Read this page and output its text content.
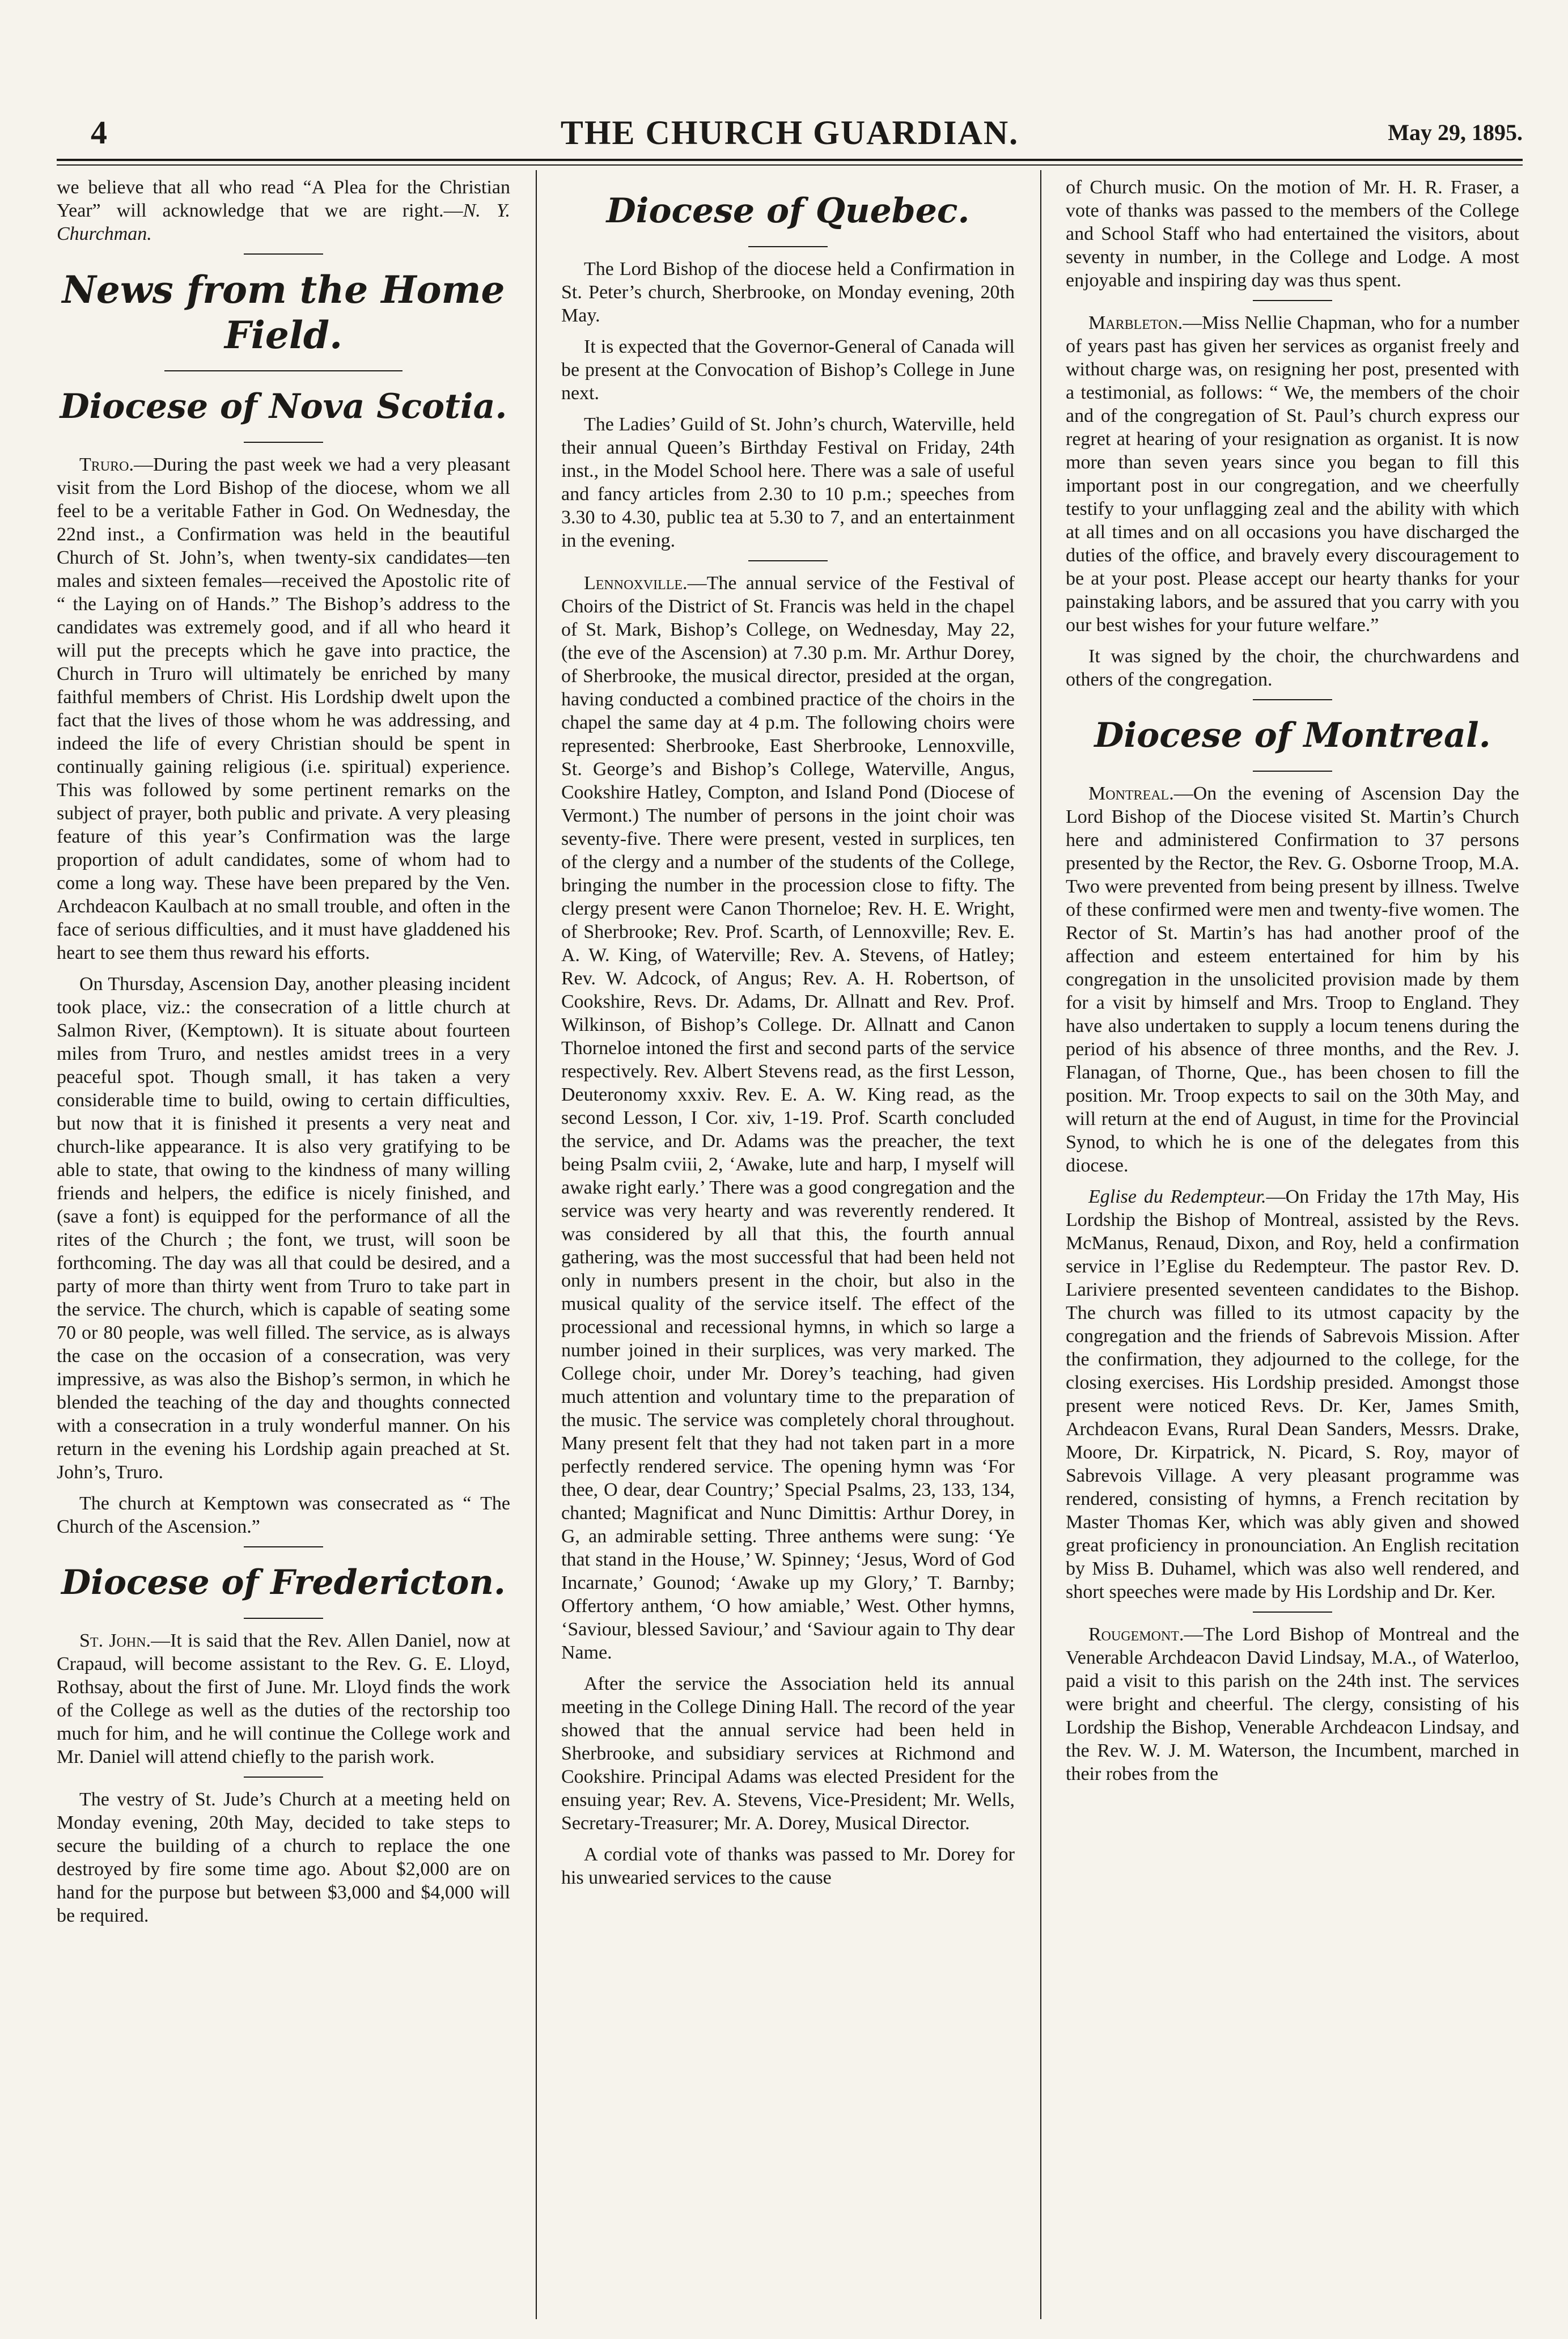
4	THE CHURCH GUARDIAN.	May 29, 1895.

we believe that all who read “A Plea for the Christian Year” will acknowledge that we are right.—N. Y. Churchman.

News from the Home Field.
Diocese of Nova Scotia.

Truro.—During the past week we had a very pleasant visit from the Lord Bishop of the diocese, whom we all feel to be a veritable Father in God. On Wednesday, the 22nd inst., a Confirmation was held in the beautiful Church of St. John’s, when twenty-six candidates—ten males and sixteen females—received the Apostolic rite of “ the Laying on of Hands.” The Bishop’s address to the candidates was extremely good, and if all who heard it will put the precepts which he gave into practice, the Church in Truro will ultimately be enriched by many faithful members of Christ. His Lordship dwelt upon the fact that the lives of those whom he was addressing, and indeed the life of every Christian should be spent in continually gaining religious (i.e. spiritual) experience. This was followed by some pertinent remarks on the subject of prayer, both public and private. A very pleasing feature of this year’s Confirmation was the large proportion of adult candidates, some of whom had to come a long way. These have been prepared by the Ven. Archdeacon Kaulbach at no small trouble, and often in the face of serious difficulties, and it must have gladdened his heart to see them thus reward his efforts.

On Thursday, Ascension Day, another pleasing incident took place, viz.: the consecration of a little church at Salmon River, (Kemptown). It is situate about fourteen miles from Truro, and nestles amidst trees in a very peaceful spot. Though small, it has taken a very considerable time to build, owing to certain difficulties, but now that it is finished it presents a very neat and church-like appearance. It is also very gratifying to be able to state, that owing to the kindness of many willing friends and helpers, the edifice is nicely finished, and (save a font) is equipped for the performance of all the rites of the Church ; the font, we trust, will soon be forthcoming. The day was all that could be desired, and a party of more than thirty went from Truro to take part in the service. The church, which is capable of seating some 70 or 80 people, was well filled. The service, as is always the case on the occasion of a consecration, was very impressive, as was also the Bishop’s sermon, in which he blended the teaching of the day and thoughts connected with a consecration in a truly wonderful manner. On his return in the evening his Lordship again preached at St. John’s, Truro.

The church at Kemptown was consecrated as “ The Church of the Ascension.”

Diocese of Fredericton.

St. John.—It is said that the Rev. Allen Daniel, now at Crapaud, will become assistant to the Rev. G. E. Lloyd, Rothsay, about the first of June. Mr. Lloyd finds the work of the College as well as the duties of the rectorship too much for him, and he will continue the College work and Mr. Daniel will attend chiefly to the parish work.

The vestry of St. Jude’s Church at a meeting held on Monday evening, 20th May, decided to take steps to secure the building of a church to replace the one destroyed by fire some time ago. About $2,000 are on hand for the purpose but between $3,000 and $4,000 will be required.

Diocese of Quebec.

The Lord Bishop of the diocese held a Confirmation in St. Peter’s church, Sherbrooke, on Monday evening, 20th May.

It is expected that the Governor-General of Canada will be present at the Convocation of Bishop’s College in June next.

The Ladies’ Guild of St. John’s church, Waterville, held their annual Queen’s Birthday Festival on Friday, 24th inst., in the Model School here. There was a sale of useful and fancy articles from 2.30 to 10 p.m.; speeches from 3.30 to 4.30, public tea at 5.30 to 7, and an entertainment in the evening.

Lennoxville.—The annual service of the Festival of Choirs of the District of St. Francis was held in the chapel of St. Mark, Bishop’s College, on Wednesday, May 22, (the eve of the Ascension) at 7.30 p.m. Mr. Arthur Dorey, of Sherbrooke, the musical director, presided at the organ, having conducted a combined practice of the choirs in the chapel the same day at 4 p.m. The following choirs were represented: Sherbrooke, East Sherbrooke, Lennoxville, St. George’s and Bishop’s College, Waterville, Angus, Cookshire Hatley, Compton, and Island Pond (Diocese of Vermont.) The number of persons in the joint choir was seventy-five. There were present, vested in surplices, ten of the clergy and a number of the students of the College, bringing the number in the procession close to fifty. The clergy present were Canon Thorneloe; Rev. H. E. Wright, of Sherbrooke; Rev. Prof. Scarth, of Lennoxville; Rev. E. A. W. King, of Waterville; Rev. A. Stevens, of Hatley; Rev. W. Adcock, of Angus; Rev. A. H. Robertson, of Cookshire, Revs. Dr. Adams, Dr. Allnatt and Rev. Prof. Wilkinson, of Bishop’s College. Dr. Allnatt and Canon Thorneloe intoned the first and second parts of the service respectively. Rev. Albert Stevens read, as the first Lesson, Deuteronomy xxxiv. Rev. E. A. W. King read, as the second Lesson, I Cor. xiv, 1-19. Prof. Scarth concluded the service, and Dr. Adams was the preacher, the text being Psalm cviii, 2, ‘Awake, lute and harp, I myself will awake right early.’ There was a good congregation and the service was very hearty and was reverently rendered. It was considered by all that this, the fourth annual gathering, was the most successful that had been held not only in numbers present in the choir, but also in the musical quality of the service itself. The effect of the processional and recessional hymns, in which so large a number joined in their surplices, was very marked. The College choir, under Mr. Dorey’s teaching, had given much attention and voluntary time to the preparation of the music. The service was completely choral throughout. Many present felt that they had not taken part in a more perfectly rendered service. The opening hymn was ‘For thee, O dear, dear Country;’ Special Psalms, 23, 133, 134, chanted; Magnificat and Nunc Dimittis: Arthur Dorey, in G, an admirable setting. Three anthems were sung: ‘Ye that stand in the House,’ W. Spinney; ‘Jesus, Word of God Incarnate,’ Gounod; ‘Awake up my Glory,’ T. Barnby; Offertory anthem, ‘O how amiable,’ West. Other hymns, ‘Saviour, blessed Saviour,’ and ‘Saviour again to Thy dear Name.

After the service the Association held its annual meeting in the College Dining Hall. The record of the year showed that the annual service had been held in Sherbrooke, and subsidiary services at Richmond and Cookshire. Principal Adams was elected President for the ensuing year; Rev. A. Stevens, Vice-President; Mr. Wells, Secretary-Treasurer; Mr. A. Dorey, Musical Director.

A cordial vote of thanks was passed to Mr. Dorey for his unwearied services to the cause

of Church music. On the motion of Mr. H. R. Fraser, a vote of thanks was passed to the members of the College and School Staff who had entertained the visitors, about seventy in number, in the College and Lodge. A most enjoyable and inspiring day was thus spent.

Marbleton.—Miss Nellie Chapman, who for a number of years past has given her services as organist freely and without charge was, on resigning her post, presented with a testimonial, as follows: “ We, the members of the choir and of the congregation of St. Paul’s church express our regret at hearing of your resignation as organist. It is now more than seven years since you began to fill this important post in our congregation, and we cheerfully testify to your unflagging zeal and the ability with which at all times and on all occasions you have discharged the duties of the office, and bravely every discouragement to be at your post. Please accept our hearty thanks for your painstaking labors, and be assured that you carry with you our best wishes for your future welfare.”

It was signed by the choir, the churchwardens and others of the congregation.

Diocese of Montreal.

Montreal.—On the evening of Ascension Day the Lord Bishop of the Diocese visited St. Martin’s Church here and administered Confirmation to 37 persons presented by the Rector, the Rev. G. Osborne Troop, M.A. Two were prevented from being present by illness. Twelve of these confirmed were men and twenty-five women. The Rector of St. Martin’s has had another proof of the affection and esteem entertained for him by his congregation in the unsolicited provision made by them for a visit by himself and Mrs. Troop to England. They have also undertaken to supply a locum tenens during the period of his absence of three months, and the Rev. J. Flanagan, of Thorne, Que., has been chosen to fill the position. Mr. Troop expects to sail on the 30th May, and will return at the end of August, in time for the Provincial Synod, to which he is one of the delegates from this diocese.

Eglise du Redempteur.—On Friday the 17th May, His Lordship the Bishop of Montreal, assisted by the Revs. McManus, Renaud, Dixon, and Roy, held a confirmation service in l’Eglise du Redempteur. The pastor Rev. D. Lariviere presented seventeen candidates to the Bishop. The church was filled to its utmost capacity by the congregation and the friends of Sabrevois Mission. After the confirmation, they adjourned to the college, for the closing exercises. His Lordship presided. Amongst those present were noticed Revs. Dr. Ker, James Smith, Archdeacon Evans, Rural Dean Sanders, Messrs. Drake, Moore, Dr. Kirpatrick, N. Picard, S. Roy, mayor of Sabrevois Village. A very pleasant programme was rendered, consisting of hymns, a French recitation by Master Thomas Ker, which was ably given and showed great proficiency in pronounciation. An English recitation by Miss B. Duhamel, which was also well rendered, and short speeches were made by His Lordship and Dr. Ker.

Rougemont.—The Lord Bishop of Montreal and the Venerable Archdeacon David Lindsay, M.A., of Waterloo, paid a visit to this parish on the 24th inst. The services were bright and cheerful. The clergy, consisting of his Lordship the Bishop, Venerable Archdeacon Lindsay, and the Rev. W. J. M. Waterson, the Incumbent, marched in their robes from the
